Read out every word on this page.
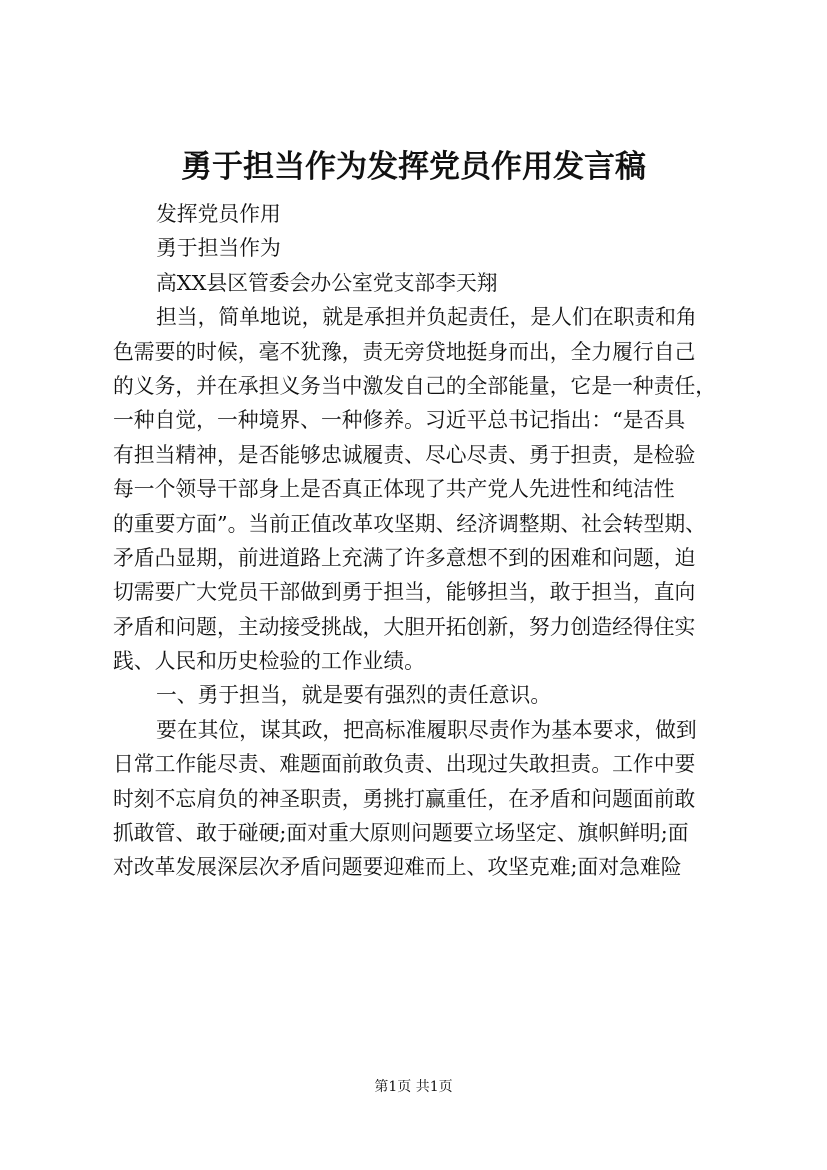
勇于担当作为发挥党员作用发言稿
发挥党员作用
勇于担当作为
高XX县区管委会办公室党支部李天翔
担当，简单地说，就是承担并负起责任，是人们在职责和角
色需要的时候，毫不犹豫，责无旁贷地挺身而出，全力履行自己
的义务，并在承担义务当中激发自己的全部能量，它是一种责任，
一种自觉，一种境界、一种修养。习近平总书记指出：“是否具
有担当精神，是否能够忠诚履责、尽心尽责、勇于担责，是检验
每一个领导干部身上是否真正体现了共产党人先进性和纯洁性
的重要方面”。当前正值改革攻坚期、经济调整期、社会转型期、
矛盾凸显期，前进道路上充满了许多意想不到的困难和问题，迫
切需要广大党员干部做到勇于担当，能够担当，敢于担当，直向
矛盾和问题，主动接受挑战，大胆开拓创新，努力创造经得住实
践、人民和历史检验的工作业绩。
一、勇于担当，就是要有强烈的责任意识。
要在其位，谋其政，把高标准履职尽责作为基本要求，做到
日常工作能尽责、难题面前敢负责、出现过失敢担责。工作中要
时刻不忘肩负的神圣职责，勇挑打赢重任，在矛盾和问题面前敢
抓敢管、敢于碰硬;面对重大原则问题要立场坚定、旗帜鲜明;面
对改革发展深层次矛盾问题要迎难而上、攻坚克难;面对急难险
第1页 共1页
